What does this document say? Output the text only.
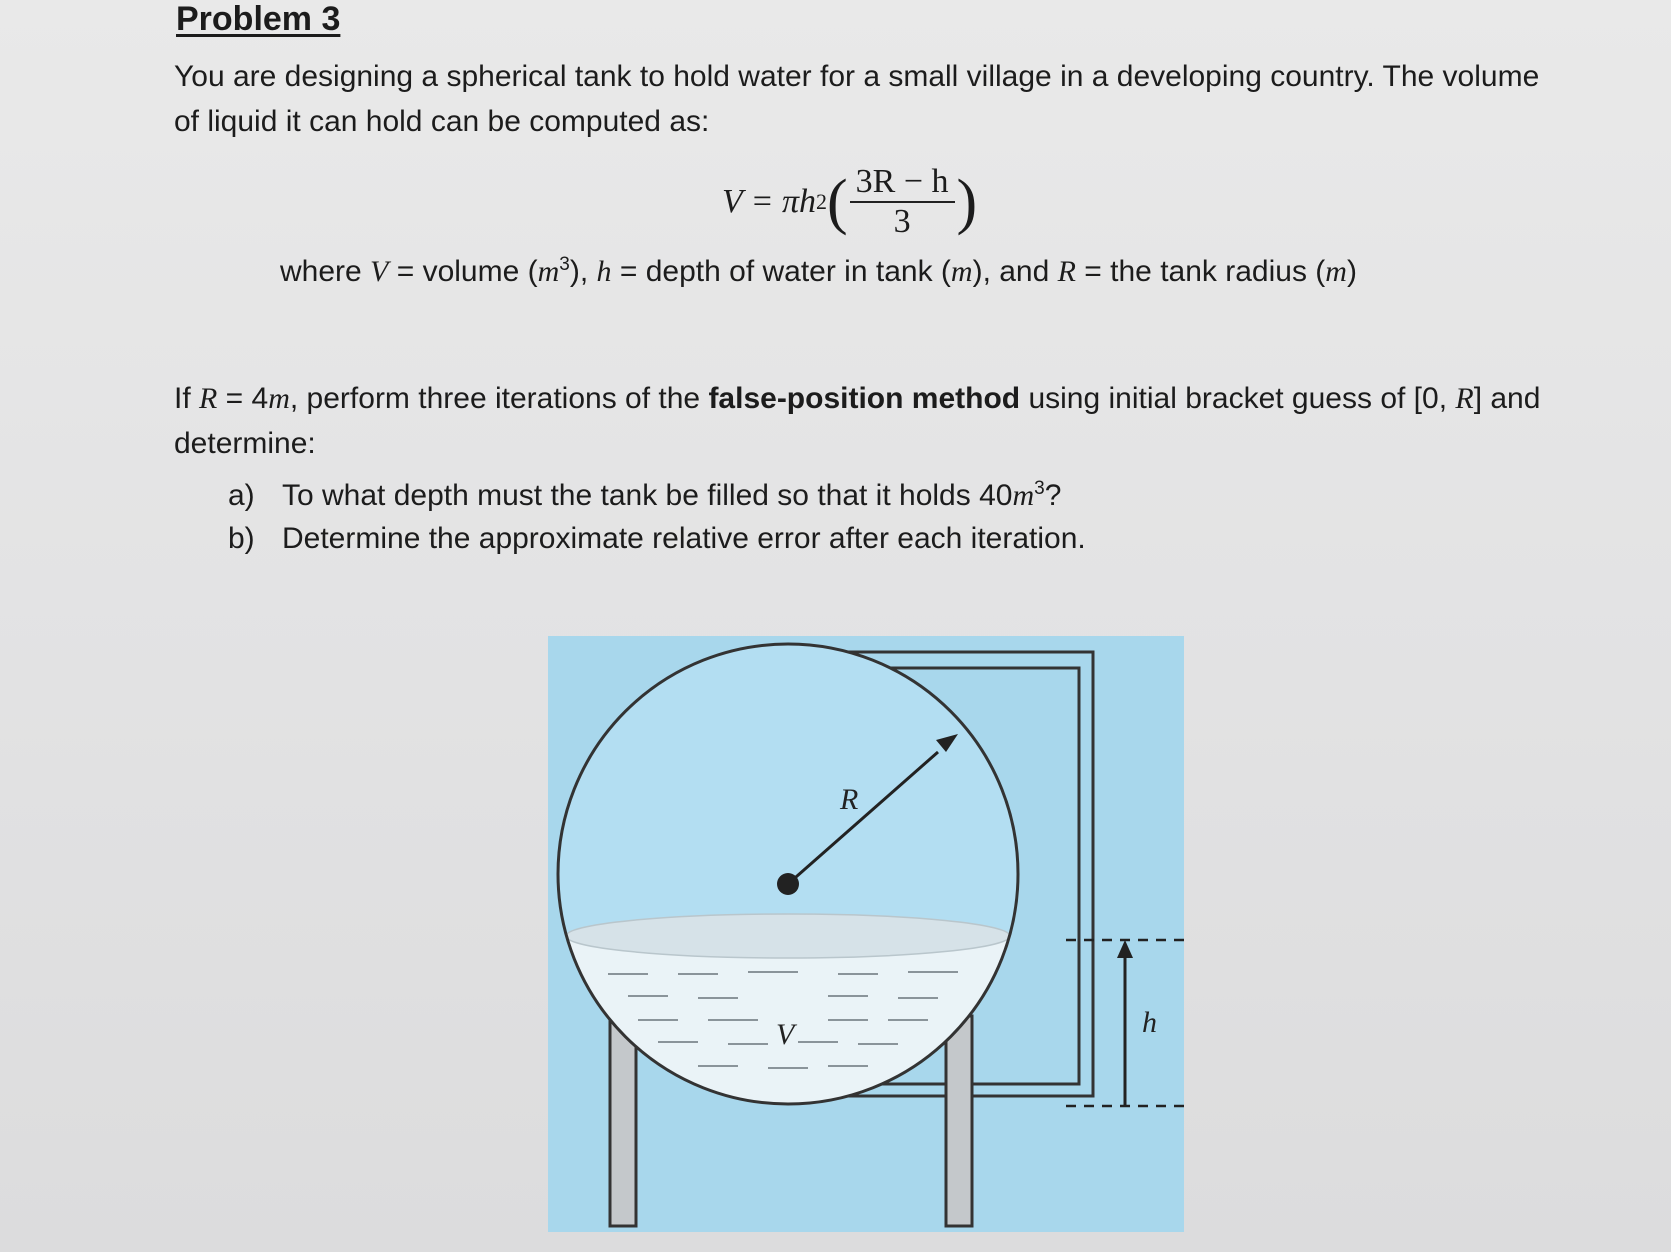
Problem 3

You are designing a spherical tank to hold water for a small village in a developing country. The volume of liquid it can hold can be computed as:

V = πh 2 ( $\frac{3R - h}{3}$ )
where V = volume $(m^3)$, h = depth of water in tank (m), and R = the tank radius (m)

If R = 4m, perform three iterations of the false-position method using initial bracket guess of [0, R] and determine:

a) To what depth must the tank be filled so that it holds $40m^3$?
b) Determine the approximate relative error after each iteration.
R
V	h
